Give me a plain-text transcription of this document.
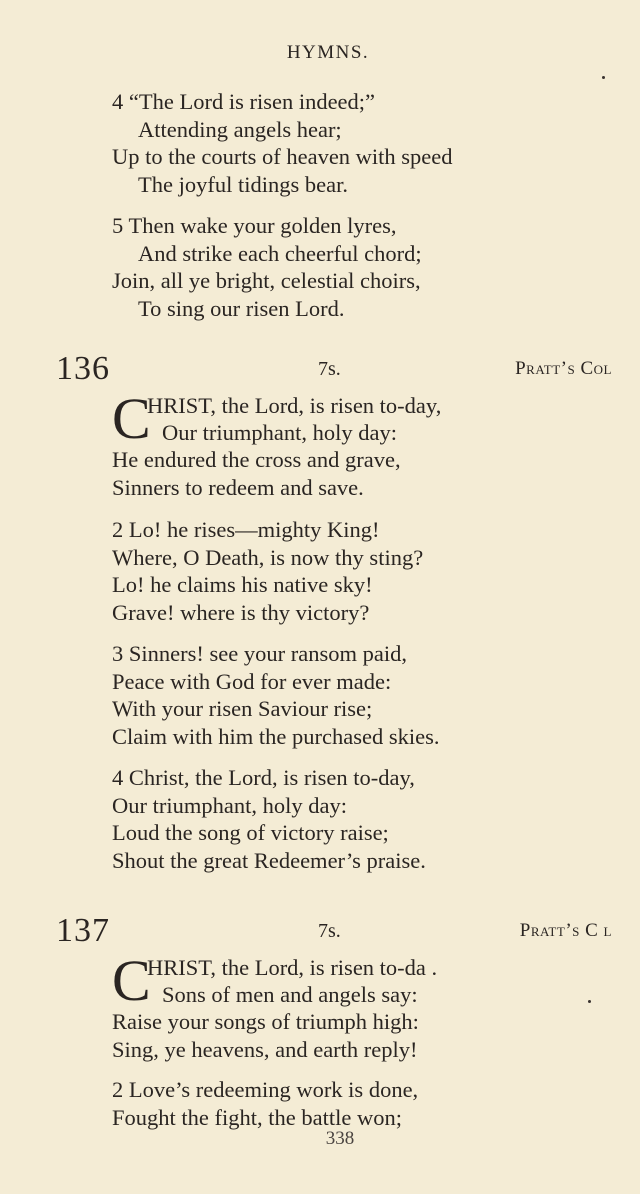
HYMNS.
4 “The Lord is risen indeed;”
Attending angels hear;
Up to the courts of heaven with speed
The joyful tidings bear.
5 Then wake your golden lyres,
And strike each cheerful chord;
Join, all ye bright, celestial choirs,
To sing our risen Lord.
136	7s.	Pratt’s Col
C
HRIST, the Lord, is risen to-day,
Our triumphant, holy day:
He endured the cross and grave,
Sinners to redeem and save.
2 Lo! he rises—mighty King!
Where, O Death, is now thy sting?
Lo! he claims his native sky!
Grave! where is thy victory?
3 Sinners! see your ransom paid,
Peace with God for ever made:
With your risen Saviour rise;
Claim with him the purchased skies.
4 Christ, the Lord, is risen to-day,
Our triumphant, holy day:
Loud the song of victory raise;
Shout the great Redeemer’s praise.
137	7s.	Pratt’s C l
C
HRIST, the Lord, is risen to-da .
Sons of men and angels say:
Raise your songs of triumph high:
Sing, ye heavens, and earth reply!
2 Love’s redeeming work is done,
Fought the fight, the battle won;
338
